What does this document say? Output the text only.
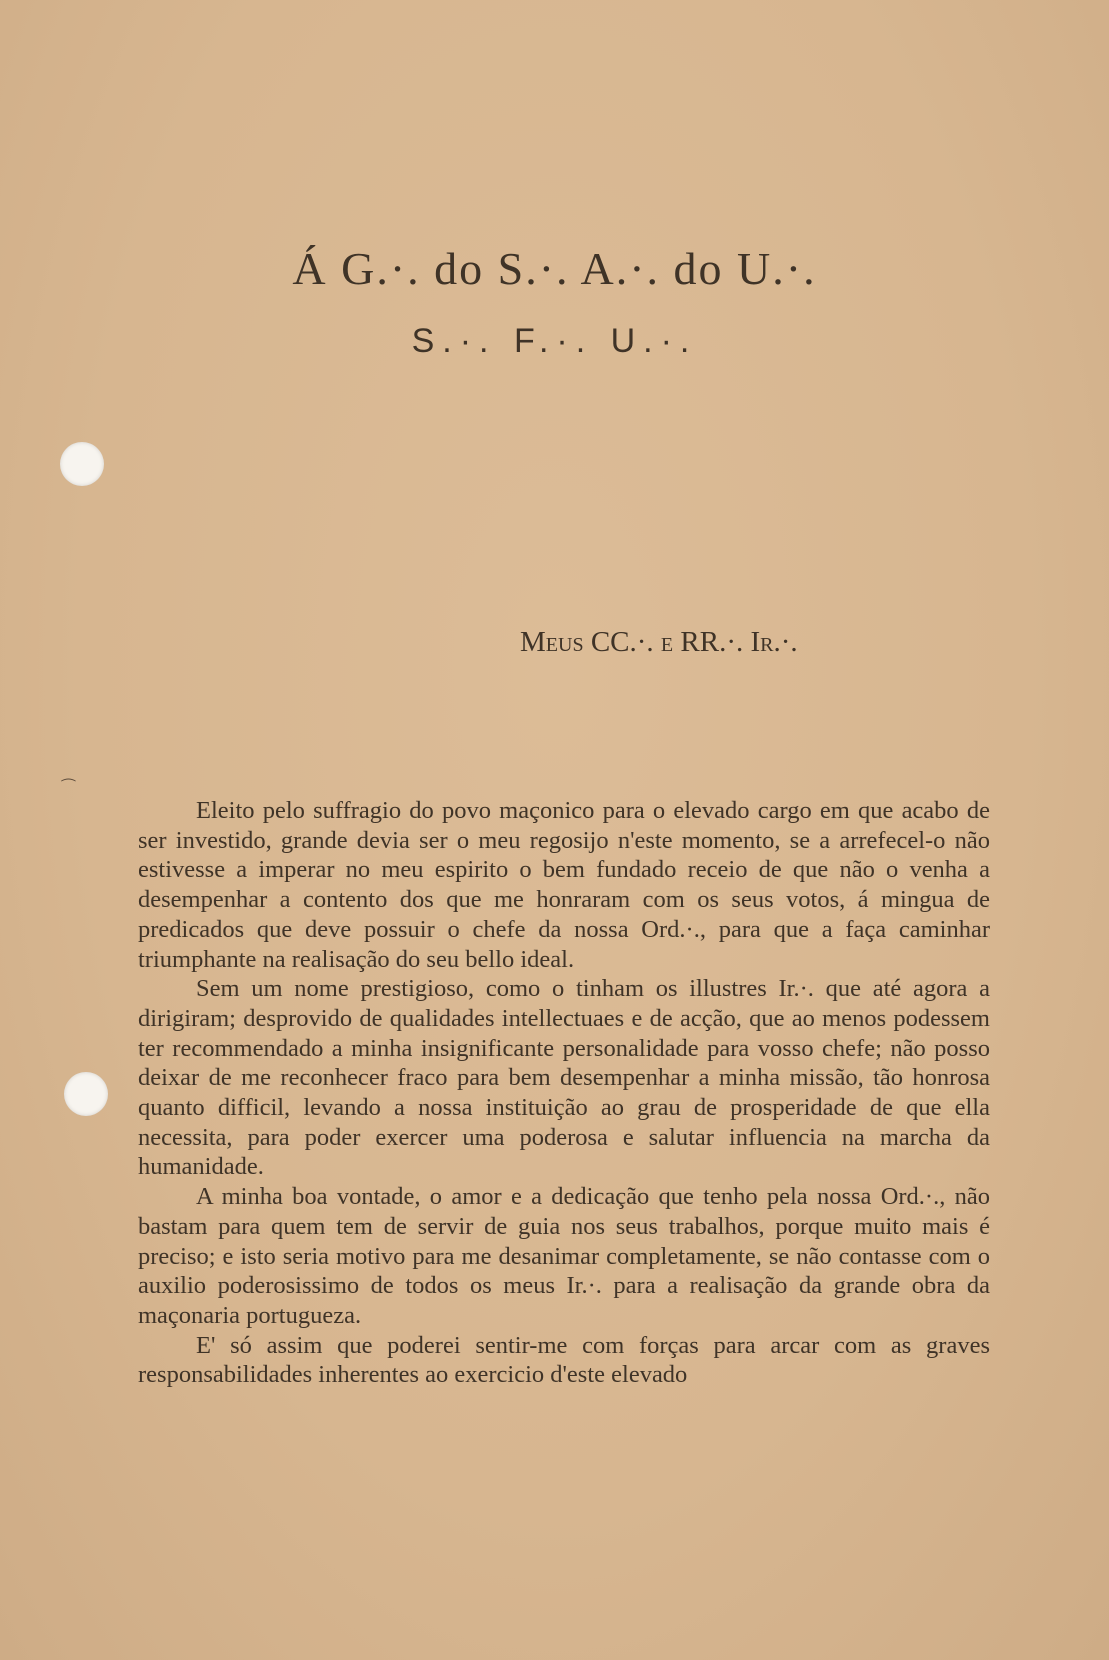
⁀
Á G.·. do S.·. A.·. do U.·.
S.·. F.·. U.·.
Meus CC.·. e RR.·. Ir.·.

Eleito pelo suffragio do povo maçonico para o elevado cargo em que acabo de ser investido, grande devia ser o meu regosijo n'este momento, se a arrefecel-o não estivesse a imperar no meu espirito o bem fundado receio de que não o venha a desempenhar a contento dos que me honraram com os seus votos, á mingua de predicados que deve possuir o chefe da nossa Ord.·., para que a faça caminhar triumphante na realisação do seu bello ideal.

Sem um nome prestigioso, como o tinham os illustres Ir.·. que até agora a dirigiram; desprovido de qualidades intellectuaes e de acção, que ao menos podessem ter recommendado a minha insignificante personalidade para vosso chefe; não posso deixar de me reconhecer fraco para bem desempenhar a minha missão, tão honrosa quanto difficil, levando a nossa instituição ao grau de prosperidade de que ella necessita, para poder exercer uma poderosa e salutar influencia na marcha da humanidade.

A minha boa vontade, o amor e a dedicação que tenho pela nossa Ord.·., não bastam para quem tem de servir de guia nos seus trabalhos, porque muito mais é preciso; e isto seria motivo para me desanimar completamente, se não contasse com o auxilio poderosissimo de todos os meus Ir.·. para a realisação da grande obra da maçonaria portugueza.

E' só assim que poderei sentir-me com forças para arcar com as graves responsabilidades inherentes ao exercicio d'este elevado
